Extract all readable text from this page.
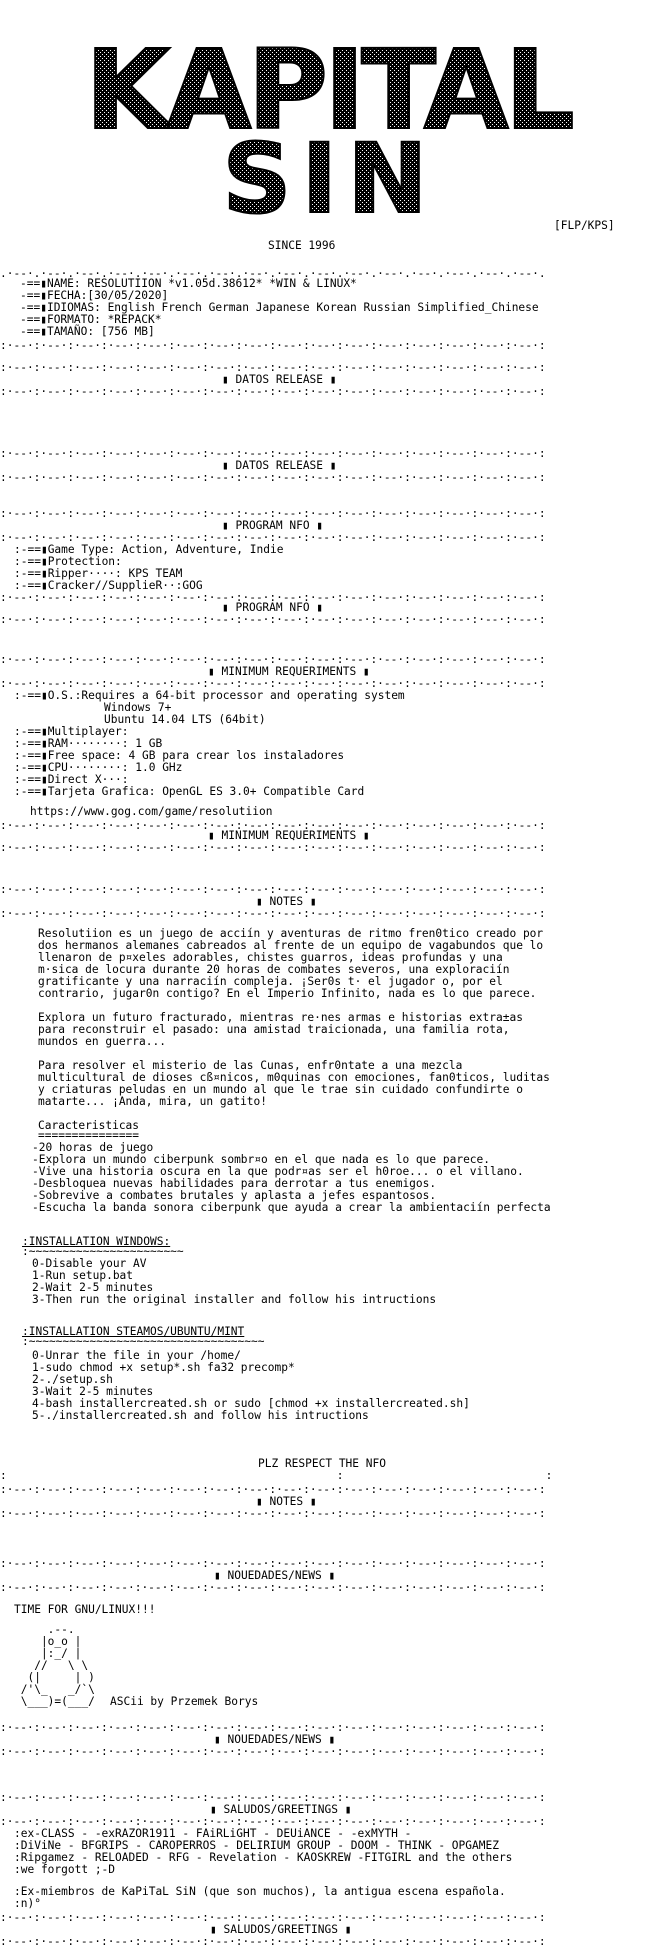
KAPITAL
SIN	[FLP/KPS]
SINCE 1996
.·--·.·--·.·--·.·--·.·--·.·--·.·--·.·--·.·--·.·--·.·--·.·--·.·--·.·--·.·--·.·--·.
-==▮NAME: RESOLUTIION *v1.05d.38612* *WIN & LINUX*
-==▮FECHA:[30/05/2020]
-==▮IDIOMAS: English French German Japanese Korean Russian Simplified_Chinese
-==▮FORMATO: *REPACK*
-==▮TAMAÑO: [756 MB]
:·--·:·--·:·--·:·--·:·--·:·--·:·--·:·--·:·--·:·--·:·--·:·--·:·--·:·--·:·--·:·--·:
:·--·:·--·:·--·:·--·:·--·:·--·:·--·:·--·:·--·:·--·:·--·:·--·:·--·:·--·:·--·:·--·:
▮ DATOS RELEASE ▮
:·--·:·--·:·--·:·--·:·--·:·--·:·--·:·--·:·--·:·--·:·--·:·--·:·--·:·--·:·--·:·--·:
:·--·:·--·:·--·:·--·:·--·:·--·:·--·:·--·:·--·:·--·:·--·:·--·:·--·:·--·:·--·:·--·:
▮ DATOS RELEASE ▮
:·--·:·--·:·--·:·--·:·--·:·--·:·--·:·--·:·--·:·--·:·--·:·--·:·--·:·--·:·--·:·--·:
:·--·:·--·:·--·:·--·:·--·:·--·:·--·:·--·:·--·:·--·:·--·:·--·:·--·:·--·:·--·:·--·:
▮ PROGRAM NFO ▮
:·--·:·--·:·--·:·--·:·--·:·--·:·--·:·--·:·--·:·--·:·--·:·--·:·--·:·--·:·--·:·--·:
:-==▮Game Type: Action, Adventure, Indie
:-==▮Protection:
:-==▮Ripper····: KPS TEAM
:-==▮Cracker//SupplieR··:GOG
:·--·:·--·:·--·:·--·:·--·:·--·:·--·:·--·:·--·:·--·:·--·:·--·:·--·:·--·:·--·:·--·:
▮ PROGRAM NFO ▮
:·--·:·--·:·--·:·--·:·--·:·--·:·--·:·--·:·--·:·--·:·--·:·--·:·--·:·--·:·--·:·--·:
:·--·:·--·:·--·:·--·:·--·:·--·:·--·:·--·:·--·:·--·:·--·:·--·:·--·:·--·:·--·:·--·:
▮ MINIMUM REQUERIMENTS ▮
:·--·:·--·:·--·:·--·:·--·:·--·:·--·:·--·:·--·:·--·:·--·:·--·:·--·:·--·:·--·:·--·:
:-==▮O.S.:Requires a 64-bit processor and operating system
Windows 7+
Ubuntu 14.04 LTS (64bit)
:-==▮Multiplayer:
:-==▮RAM········: 1 GB
:-==▮Free space: 4 GB para crear los instaladores
:-==▮CPU········: 1.0 GHz
:-==▮Direct X···:
:-==▮Tarjeta Grafica: OpenGL ES 3.0+ Compatible Card
https://www.gog.com/game/resolutiion
:·--·:·--·:·--·:·--·:·--·:·--·:·--·:·--·:·--·:·--·:·--·:·--·:·--·:·--·:·--·:·--·:
▮ MINIMUM REQUERIMENTS ▮
:·--·:·--·:·--·:·--·:·--·:·--·:·--·:·--·:·--·:·--·:·--·:·--·:·--·:·--·:·--·:·--·:
:·--·:·--·:·--·:·--·:·--·:·--·:·--·:·--·:·--·:·--·:·--·:·--·:·--·:·--·:·--·:·--·:
▮ NOTES ▮
:·--·:·--·:·--·:·--·:·--·:·--·:·--·:·--·:·--·:·--·:·--·:·--·:·--·:·--·:·--·:·--·:
Resolutiion es un juego de acciín y aventuras de ritmo fren0tico creado por
dos hermanos alemanes cabreados al frente de un equipo de vagabundos que lo
llenaron de p¤xeles adorables, chistes guarros, ideas profundas y una
m·sica de locura durante 20 horas de combates severos, una exploraciín
gratificante y una narraciín compleja. ¡Ser0s t· el jugador o, por el
contrario, jugar0n contigo? En el Imperio Infinito, nada es lo que parece.
Explora un futuro fracturado, mientras re·nes armas e historias extra±as
para reconstruir el pasado: una amistad traicionada, una familia rota,
mundos en guerra...
Para resolver el misterio de las Cunas, enfr0ntate a una mezcla
multicultural de dioses cß¤nicos, m0quinas con emociones, fan0ticos, luditas
y criaturas peludas en un mundo al que le trae sin cuidado confundirte o
matarte... ¡Anda, mira, un gatito!
Caracteristicas
===============
-20 horas de juego
-Explora un mundo ciberpunk sombr¤o en el que nada es lo que parece.
-Vive una historia oscura en la que podr¤as ser el h0roe... o el villano.
-Desbloquea nuevas habilidades para derrotar a tus enemigos.
-Sobrevive a combates brutales y aplasta a jefes espantosos.
-Escucha la banda sonora ciberpunk que ayuda a crear la ambientaciín perfecta
:INSTALLATION WINDOWS:
:~~~~~~~~~~~~~~~~~~~~~~~
0-Disable your AV
1-Run setup.bat
2-Wait 2-5 minutes
3-Then run the original installer and follow his intructions
:INSTALLATION STEAMOS/UBUNTU/MINT
:~~~~~~~~~~~~~~~~~~~~~~~~~~~~~~~~~~~
0-Unrar the file in your /home/
1-sudo chmod +x setup*.sh fa32 precomp*
2-./setup.sh
3-Wait 2-5 minutes
4-bash installercreated.sh or sudo [chmod +x installercreated.sh]
5-./installercreated.sh and follow his intructions
PLZ RESPECT THE NFO
:                                                 :                              :
:·--·:·--·:·--·:·--·:·--·:·--·:·--·:·--·:·--·:·--·:·--·:·--·:·--·:·--·:·--·:·--·:
▮ NOTES ▮
:·--·:·--·:·--·:·--·:·--·:·--·:·--·:·--·:·--·:·--·:·--·:·--·:·--·:·--·:·--·:·--·:
:·--·:·--·:·--·:·--·:·--·:·--·:·--·:·--·:·--·:·--·:·--·:·--·:·--·:·--·:·--·:·--·:
▮ NOUEDADES/NEWS ▮
:·--·:·--·:·--·:·--·:·--·:·--·:·--·:·--·:·--·:·--·:·--·:·--·:·--·:·--·:·--·:·--·:
TIME FOR GNU/LINUX!!!
.--.
|o_o |
|:_/ |
//   \ \
(|     | )
/'\_   _/`\
\___)=(___/ ASCii by Przemek Borys
:·--·:·--·:·--·:·--·:·--·:·--·:·--·:·--·:·--·:·--·:·--·:·--·:·--·:·--·:·--·:·--·:
▮ NOUEDADES/NEWS ▮
:·--·:·--·:·--·:·--·:·--·:·--·:·--·:·--·:·--·:·--·:·--·:·--·:·--·:·--·:·--·:·--·:
:·--·:·--·:·--·:·--·:·--·:·--·:·--·:·--·:·--·:·--·:·--·:·--·:·--·:·--·:·--·:·--·:
▮ SALUDOS/GREETINGS ▮
:·--·:·--·:·--·:·--·:·--·:·--·:·--·:·--·:·--·:·--·:·--·:·--·:·--·:·--·:·--·:·--·:
:ex-CLASS - -exRAZOR1911 - FAiRLiGHT - DEUiANCE - -exMYTH -
:DiViNe - BFGRIPS - CAROPERROS - DELIRIUM GROUP - DOOM - THINK - OPGAMEZ
:Ripgamez - RELOADED - RFG - Revelation - KAOSKREW -FITGIRL and the others
:we forgott ;-D
:Ex-miembros de KaPiTaL SiN (que son muchos), la antigua escena española.
:n)°
:·--·:·--·:·--·:·--·:·--·:·--·:·--·:·--·:·--·:·--·:·--·:·--·:·--·:·--·:·--·:·--·:
▮ SALUDOS/GREETINGS ▮
:·--·:·--·:·--·:·--·:·--·:·--·:·--·:·--·:·--·:·--·:·--·:·--·:·--·:·--·:·--·:·--·:
